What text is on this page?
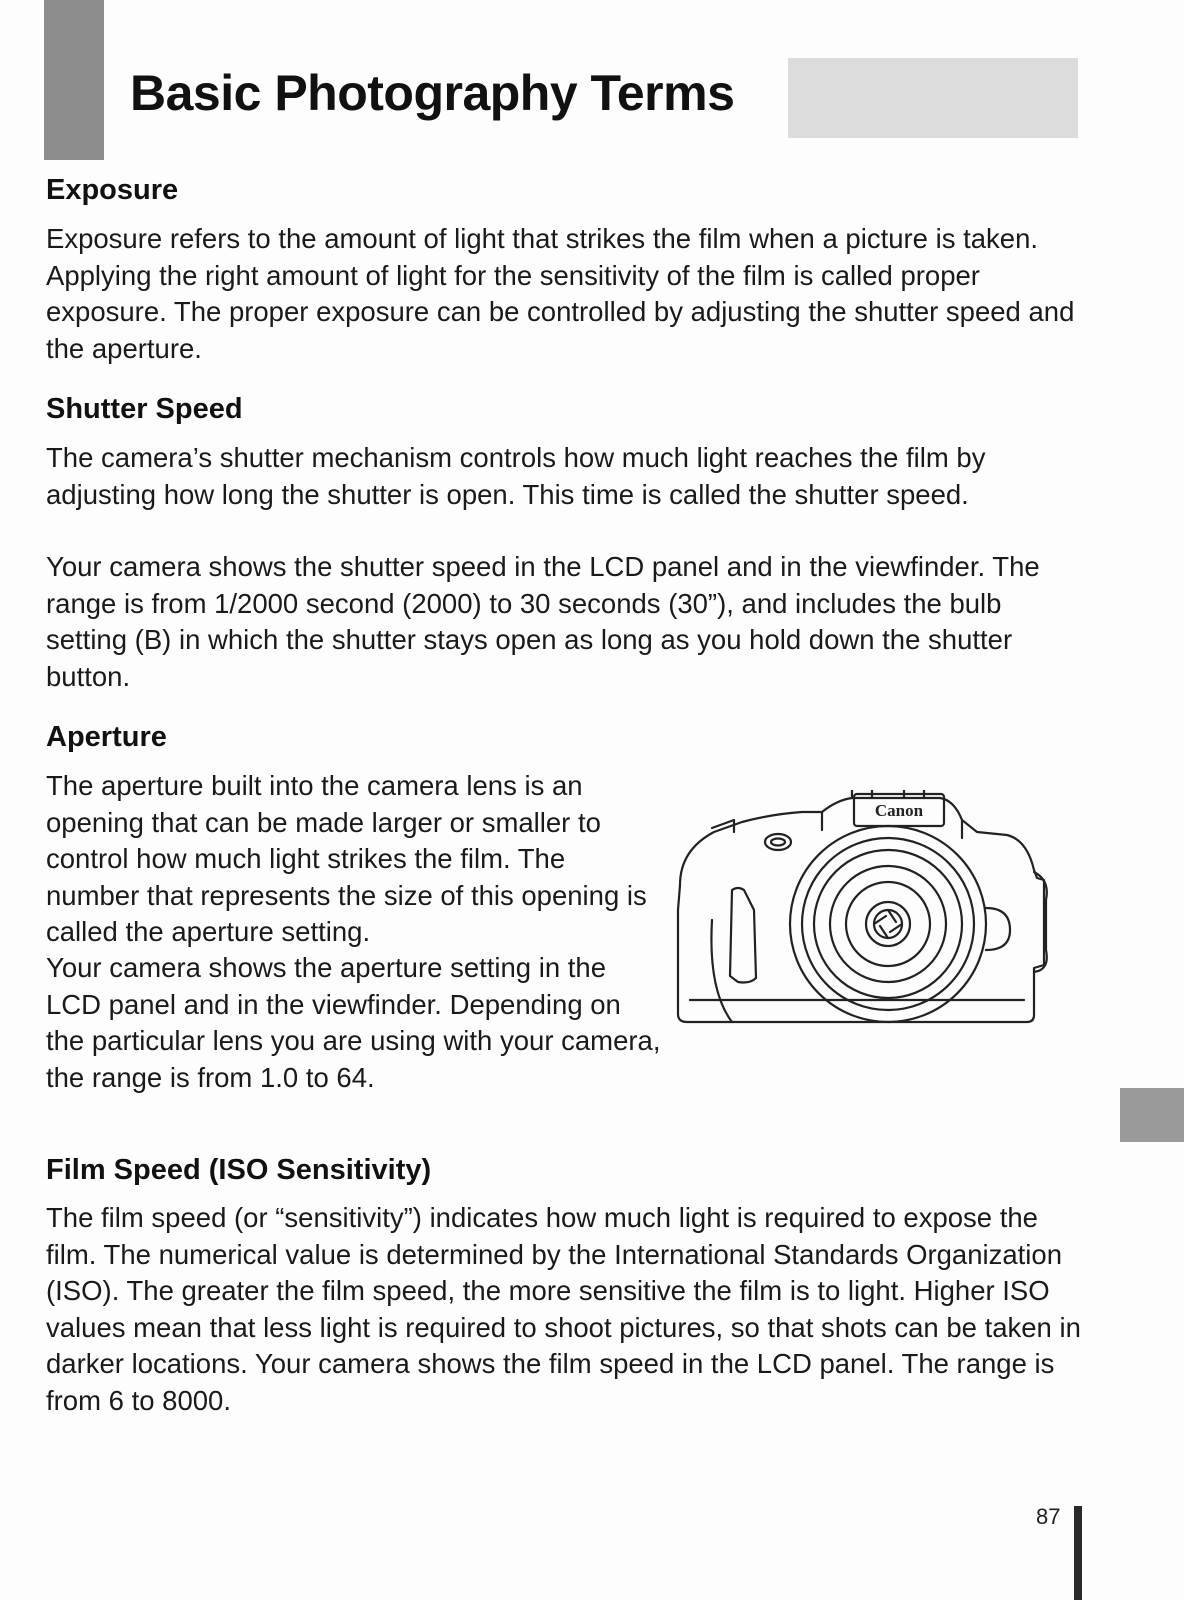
Basic Photography Terms
Exposure

Exposure refers to the amount of light that strikes the film when a picture is taken. Applying the right amount of light for the sensitivity of the film is called proper exposure. The proper exposure can be controlled by adjusting the shutter speed and the aperture.

Shutter Speed

The camera’s shutter mechanism controls how much light reaches the film by adjusting how long the shutter is open. This time is called the shutter speed.

Your camera shows the shutter speed in the LCD panel and in the viewfinder. The range is from 1/2000 second (2000) to 30 seconds (30”), and includes the bulb setting (B) in which the shutter stays open as long as you hold down the shutter button.

Aperture

The aperture built into the camera lens is an opening that can be made larger or smaller to control how much light strikes the film. The number that represents the size of this opening is called the aperture setting.

Your camera shows the aperture setting in the LCD panel and in the viewfinder. Depending on the particular lens you are using with your camera, the range is from 1.0 to 64.

Canon
Film Speed (ISO Sensitivity)

The film speed (or “sensitivity”) indicates how much light is required to expose the film. The numerical value is determined by the International Standards Organization (ISO). The greater the film speed, the more sensitive the film is to light. Higher ISO values mean that less light is required to shoot pictures, so that shots can be taken in darker locations. Your camera shows the film speed in the LCD panel. The range is from 6 to 8000.

87
